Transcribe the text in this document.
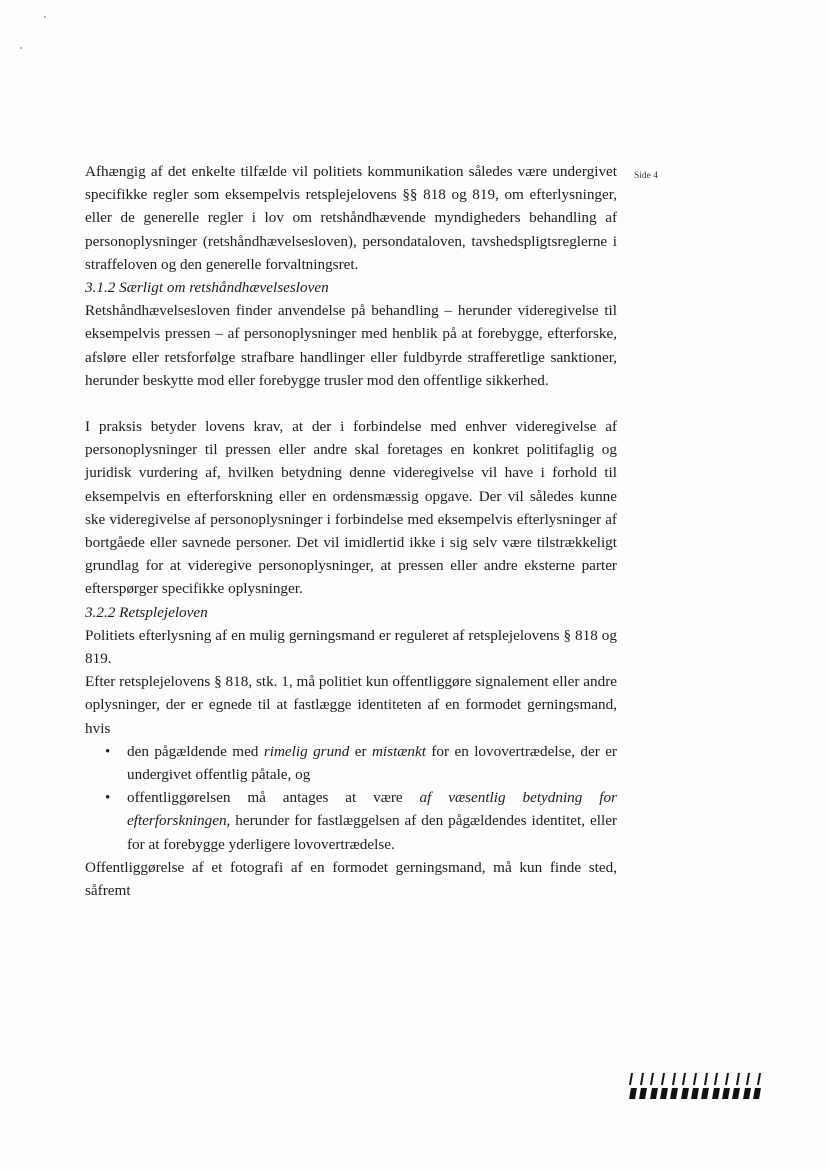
Side 4

Afhængig af det enkelte tilfælde vil politiets kommunikation således være undergivet specifikke regler som eksempelvis retsplejelovens §§ 818 og 819, om efterlysninger, eller de generelle regler i lov om retshåndhævende myndigheders behandling af personoplysninger (retshåndhævelsesloven), persondataloven, tavshedspligtsreglerne i straffeloven og den generelle forvaltningsret.

3.1.2 Særligt om retshåndhævelsesloven

Retshåndhævelsesloven finder anvendelse på behandling – herunder videregivelse til eksempelvis pressen – af personoplysninger med henblik på at forebygge, efterforske, afsløre eller retsforfølge strafbare handlinger eller fuldbyrde strafferetlige sanktioner, herunder beskytte mod eller forebygge trusler mod den offentlige sikkerhed.

I praksis betyder lovens krav, at der i forbindelse med enhver videregivelse af personoplysninger til pressen eller andre skal foretages en konkret politifaglig og juridisk vurdering af, hvilken betydning denne videregivelse vil have i forhold til eksempelvis en efterforskning eller en ordensmæssig opgave. Der vil således kunne ske videregivelse af personoplysninger i forbindelse med eksempelvis efterlysninger af bortgåede eller savnede personer. Det vil imidlertid ikke i sig selv være tilstrækkeligt grundlag for at videregive personoplysninger, at pressen eller andre eksterne parter efterspørger specifikke oplysninger.

3.2.2 Retsplejeloven

Politiets efterlysning af en mulig gerningsmand er reguleret af retsplejelovens § 818 og 819.

Efter retsplejelovens § 818, stk. 1, må politiet kun offentliggøre signalement eller andre oplysninger, der er egnede til at fastlægge identiteten af en formodet gerningsmand, hvis

• den pågældende med rimelig grund er mistænkt for en lovovertrædelse, der er undergivet offentlig påtale, og
• offentliggørelsen må antages at være af væsentlig betydning for efterforskningen, herunder for fastlæggelsen af den pågældendes identitet, eller for at forebygge yderligere lovovertrædelse.

Offentliggørelse af et fotografi af en formodet gerningsmand, må kun finde sted, såfremt
